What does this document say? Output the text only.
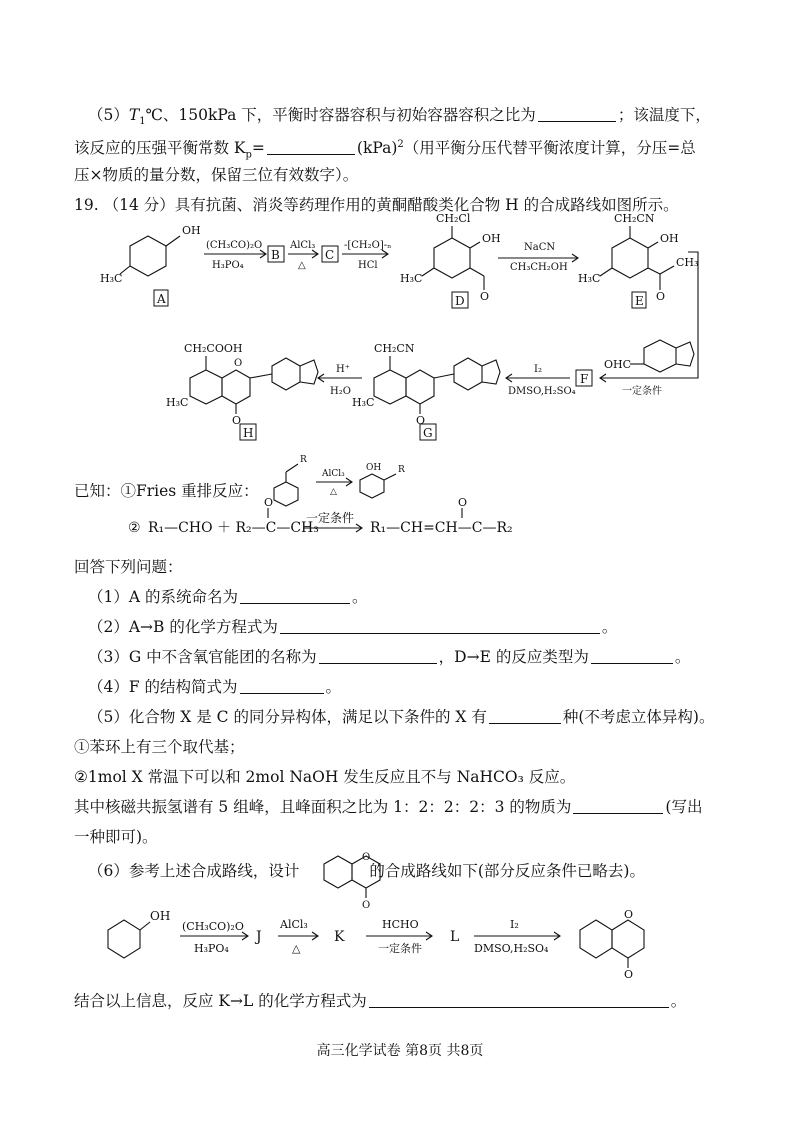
$(5)T_1℃$、150kPa 下，平衡时容器容积与初始容器容积之比为	；该温度下，
该反应的压强平衡常数 $K_p=$	(kPa)$^2$（用平衡分压代替平衡浓度计算，分压=总
压×物质的量分数，保留三位有效数字）。
19. （14 分）具有抗菌、消炎等药理作用的黄酮醋酸类化合物 H 的合成路线如图所示。
OH
H₃C
(CH₃CO)₂O
H₃PO₄
AlCl₃
△
-[CH₂O]-ₙ
HCl
CH₂Cl
OH
H₃C
O
NaCN
CH₃CH₂OH
CH₂CN
OH
CH₃
H₃C
O
OHC
一定条件
I₂
DMSO,H₂SO₄
CH₂CN
H₃C
O
H⁺
H₂O
CH₂COOH
H₃C
O
O
A
B	C
D	E
F
G
H
R
AlCl₃
△
OH R
② R₁—CHO ＋ R₂—C—CH₃
O
一定条件
R₁—CH=CH—C—R₂
O
O
O
OH
(CH₃CO)₂O
H₃PO₄
J
AlCl₃
△
K
HCHO
一定条件
L
I₂
DMSO,H₂SO₄
O
O
已知：①Fries 重排反应：
回答下列问题：
（1）A 的系统命名为	。
（2）A→B 的化学方程式为	。
（3）G 中不含氧官能团的名称为	，D→E 的反应类型为	。
（4）F 的结构简式为	。
（5）化合物 X 是 C 的同分异构体，满足以下条件的 X 有	种(不考虑立体异构)。
①苯环上有三个取代基；
②1mol X 常温下可以和 2mol NaOH 发生反应且不与 NaHCO₃ 反应。
其中核磁共振氢谱有 5 组峰，且峰面积之比为 1：2：2：2：3 的物质为	(写出
一种即可)。
（6）参考上述合成路线，设计	的合成路线如下(部分反应条件已略去)。
结合以上信息，反应 K→L 的化学方程式为	。
高三化学试卷 第8页 共8页
